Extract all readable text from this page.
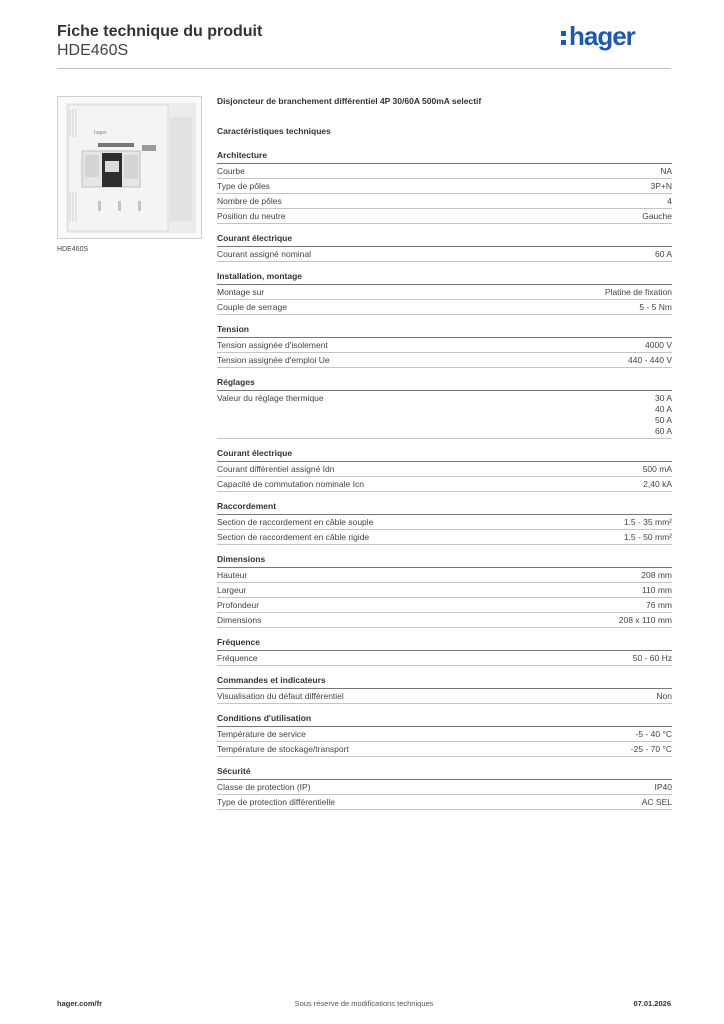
Fiche technique du produit
HDE460S	hager
hager
HDE460S
Disjoncteur de branchement différentiel 4P 30/60A 500mA selectif
Caractéristiques techniques
Architecture
Courbe	NA
Type de pôles	3P+N
Nombre de pôles	4
Position du neutre	Gauche
Courant électrique
Courant assigné nominal	60 A
Installation, montage
Montage sur	Platine de fixation
Couple de serrage	5 - 5 Nm
Tension
Tension assignée d'isolement	4000 V
Tension assignée d'emploi Ue	440 - 440 V
Réglages
Valeur du réglage thermique	30 A
40 A
50 A
60 A
Courant électrique
Courant différentiel assigné Idn	500 mA
Capacité de commutation nominale Icn	2,40 kA
Raccordement
Section de raccordement en câble souple	1.5 - 35 mm²
Section de raccordement en câble rigide	1.5 - 50 mm²
Dimensions
Hauteur	208 mm
Largeur	110 mm
Profondeur	76 mm
Dimensions	208 x 110 mm
Fréquence
Fréquence	50 - 60 Hz
Commandes et indicateurs
Visualisation du défaut différentiel	Non
Conditions d'utilisation
Température de service	-5 - 40 °C
Température de stockage/transport	-25 - 70 °C
Sécurité
Classe de protection (IP)	IP40
Type de protection différentielle	AC SEL
hager.com/fr	Sous réserve de modifications techniques	07.01.2026
